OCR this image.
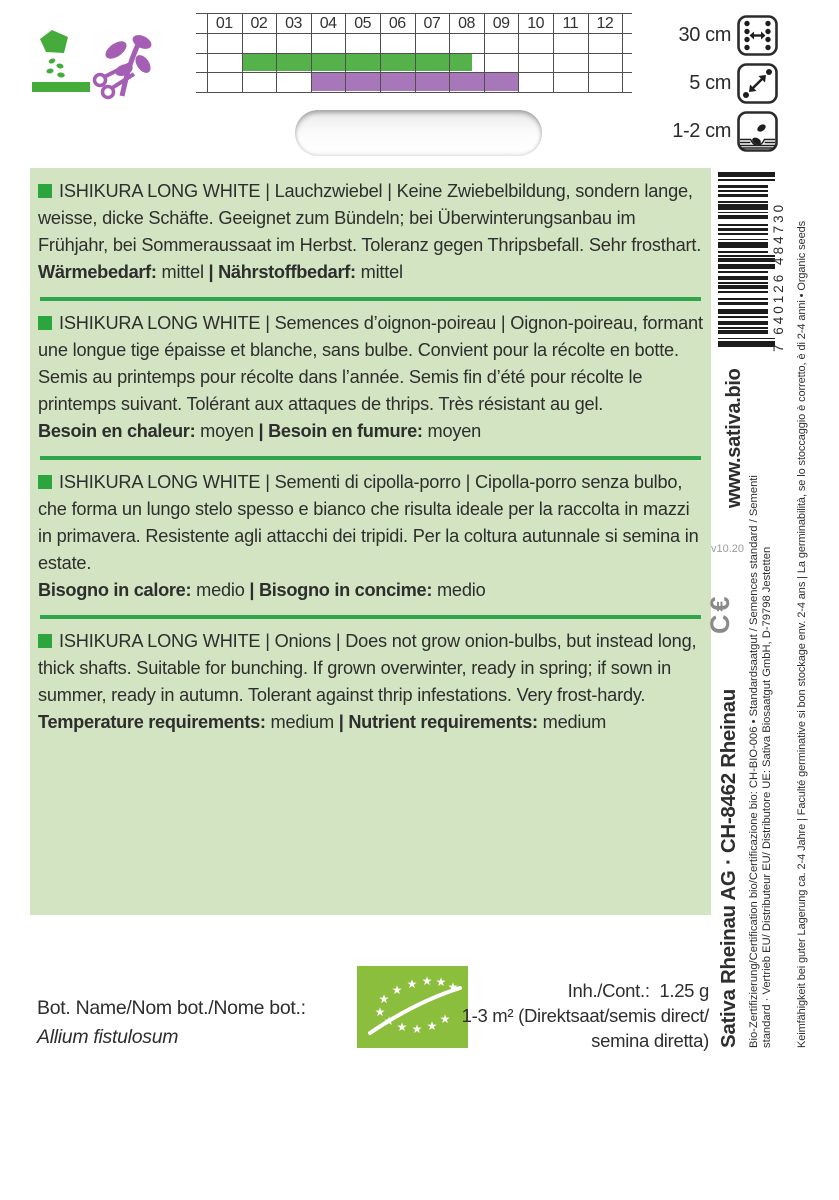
01	02	03	04	05	06	07	08	09	10	11	12
30 cm
5 cm
1-2 cm

ISHIKURA LONG WHITE | Lauchzwiebel | Keine Zwiebelbildung, sondern lange, weisse, dicke Schäfte. Geeignet zum Bündeln; bei Überwinterungsanbau im Frühjahr, bei Sommeraussaat im Herbst. Toleranz gegen Thripsbefall. Sehr frosthart.

Wärmebedarf: mittel | Nährstoffbedarf: mittel

ISHIKURA LONG WHITE | Semences d’oignon-poireau | Oignon-poireau, formant une longue tige épaisse et blanche, sans bulbe. Convient pour la récolte en botte. Semis au printemps pour récolte dans l’année. Semis fin d’été pour récolte le printemps suivant. Tolérant aux attaques de thrips. Très résistant au gel.

Besoin en chaleur: moyen | Besoin en fumure: moyen

ISHIKURA LONG WHITE | Sementi di cipolla-porro | Cipolla-porro senza bulbo, che forma un lungo stelo spesso e bianco che risulta ideale per la raccolta in mazzi in primavera. Resistente agli attacchi dei tripidi. Per la coltura autunnale si semina in estate.

Bisogno in calore: medio | Bisogno in concime: medio

ISHIKURA LONG WHITE | Onions | Does not grow onion-bulbs, but instead long, thick shafts. Suitable for bunching. If grown overwinter, ready in spring; if sown in summer, ready in autumn. Tolerant against thrip infestations. Very frost-hardy.

Temperature requirements: medium | Nutrient requirements: medium

7 640126 484730 Keimfähigkeit bei guter Lagerung ca. 2-4 Jahre | Faculté germinative si bon stockage env. 2-4 ans | La germinabilità, se lo stoccaggio è corretto, è di 2-4 anni • Organic seeds
www.sativa.bio
Bio-Zertifizierung/Certification bio/Certificazione bio: CH-BIO-006 • Standardsaatgut / Semences standard / Sementi standard · Vertrieb EU/ Distributeur EU/ Distributore UE: Sativa Biosaatgut GmbH, D-79798 Jestetten
Sativa Rheinau AG · CH-8462 Rheinau
v10.20
C€
Bot. Name/Nom bot./Nome bot.:
Allium fistulosum
★
★ ★ ★ ★ ★
★
★ ★ ★ ★ ★
Inh./Cont.:  1.25 g
1-3 m² (Direktsaat/semis direct/
semina diretta)
